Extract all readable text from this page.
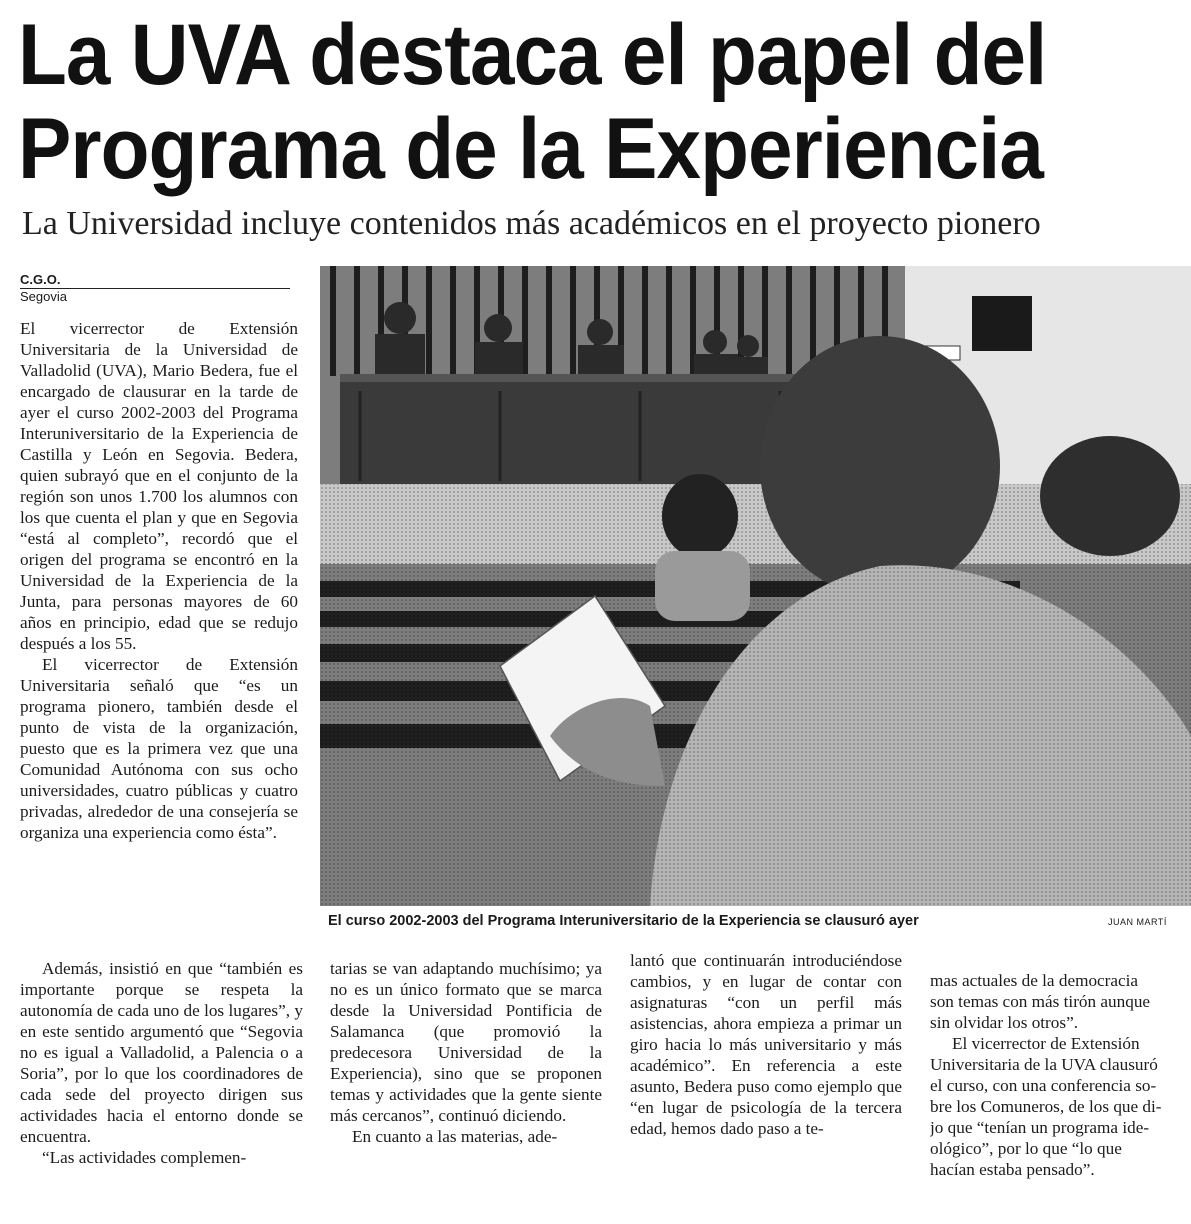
La UVA destaca el papel del
Programa de la Experiencia
La Universidad incluye contenidos más académicos en el proyecto pionero
C.G.O.
Segovia

El vicerrector de Extensión Universitaria de la Universidad de Valladolid (UVA), Mario Bedera, fue el encargado de clausurar en la tarde de ayer el curso 2002-2003 del Programa Interuniversitario de la Experiencia de Castilla y León en Segovia. Bedera, quien subrayó que en el conjunto de la región son unos 1.700 los alumnos con los que cuenta el plan y que en Segovia “está al completo”, recordó que el origen del programa se encontró en la Universidad de la Experiencia de la Junta, para personas mayores de 60 años en principio, edad que se redujo después a los 55.

El vicerrector de Extensión Universitaria señaló que “es un programa pionero, también desde el punto de vista de la organización, puesto que es la primera vez que una Comunidad Autónoma con sus ocho universidades, cuatro públicas y cuatro privadas, alrededor de una consejería se organiza una experiencia como ésta”.

El curso 2002-2003 del Programa Interuniversitario de la Experiencia se clausuró ayer	JUAN MARTÍ

Además, insistió en que “también es importante porque se respeta la autonomía de cada uno de los lugares”, y en este sentido argumentó que “Segovia no es igual a Valladolid, a Palencia o a Soria”, por lo que los coordinadores de cada sede del proyecto dirigen sus actividades hacia el entorno donde se encuentra.

“Las actividades complemen-

tarias se van adaptando muchísimo; ya no es un único formato que se marca desde la Universidad Pontificia de Salamanca (que promovió la predecesora Universidad de la Experiencia), sino que se proponen temas y actividades que la gente siente más cercanos”, continuó diciendo.

En cuanto a las materias, ade-

lantó que continuarán introduciéndose cambios, y en lugar de contar con asignaturas “con un perfil más asistencias, ahora empieza a primar un giro hacia lo más universitario y más académico”. En referencia a este asunto, Bedera puso como ejemplo que “en lugar de psicología de la tercera edad, hemos dado paso a te-

mas actuales de la democracia

son temas con más tirón aunque

sin olvidar los otros”.

El vicerrector de Extensión

Universitaria de la UVA clausuró

el curso, con una conferencia so-

bre los Comuneros, de los que di-

jo que “tenían un programa ide-

ológico”, por lo que “lo que

hacían estaba pensado”.
